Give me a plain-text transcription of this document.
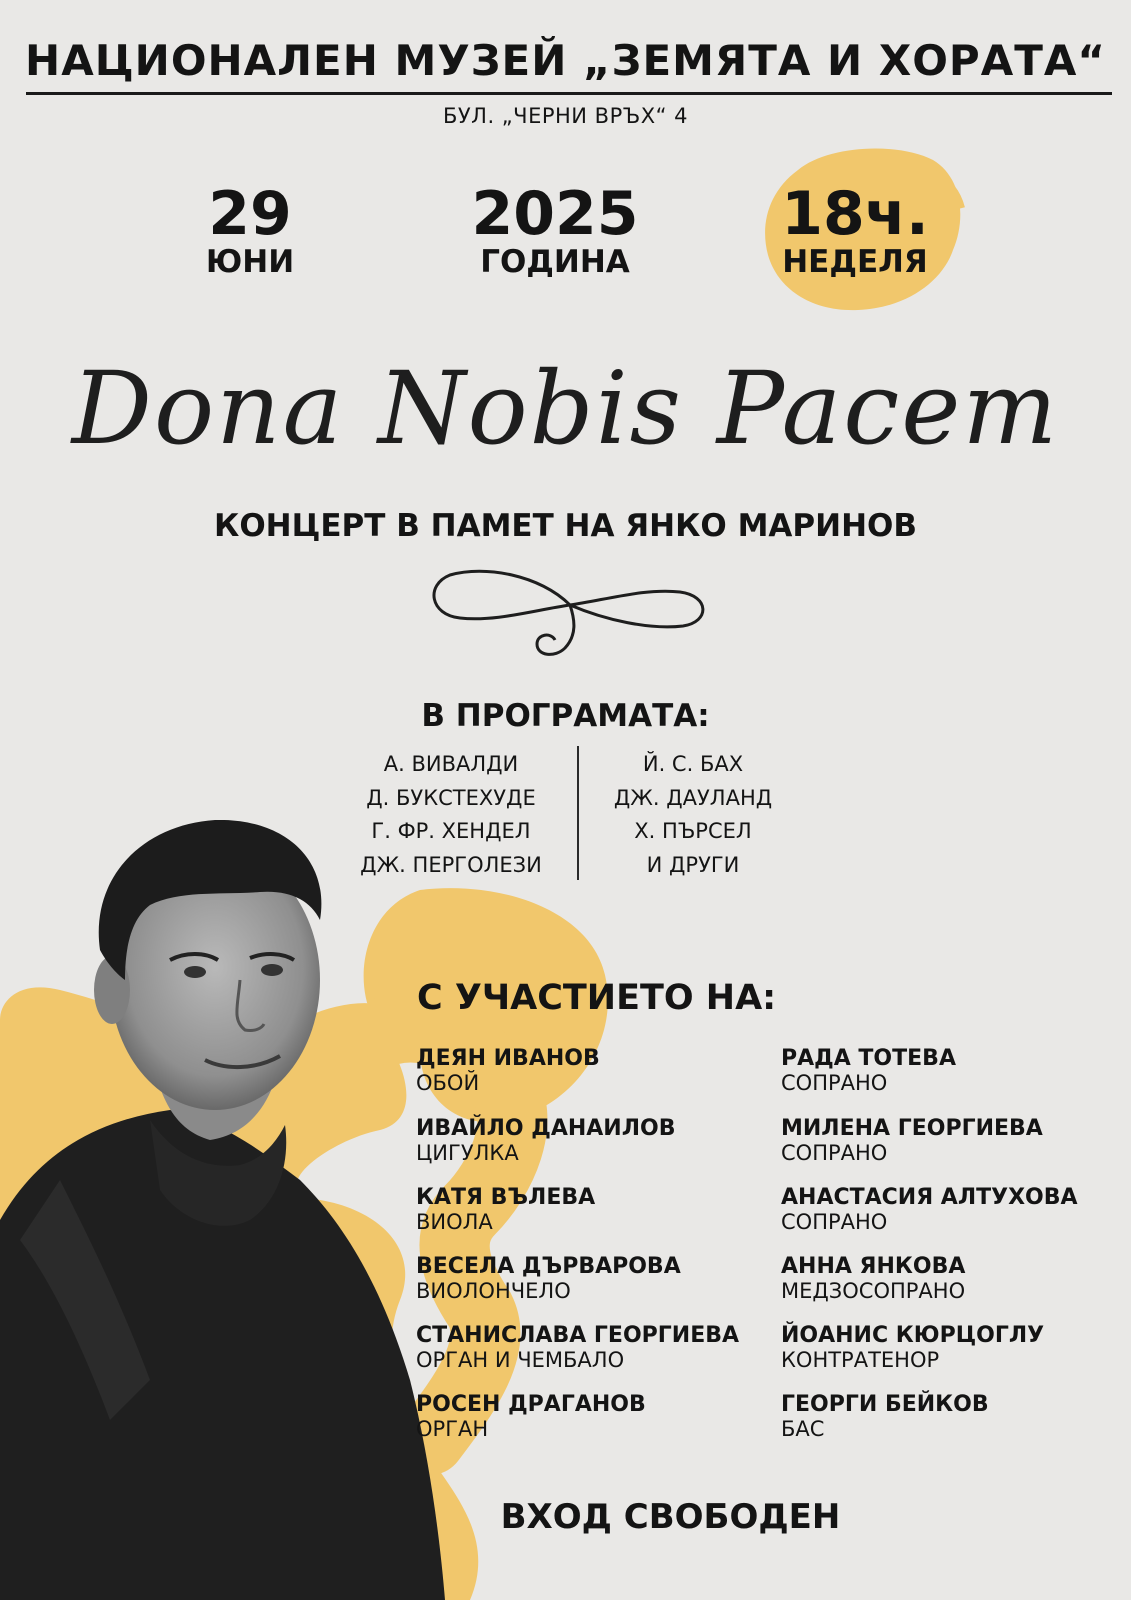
НАЦИОНАЛЕН МУЗЕЙ „ЗЕМЯТА И ХОРАТА“
БУЛ. „ЧЕРНИ ВРЪХ“ 4
29
ЮНИ
2025
ГОДИНА
18ч.
НЕДЕЛЯ
Dona Nobis Pacem
КОНЦЕРТ В ПАМЕТ НА ЯНКО МАРИНОВ
В ПРОГРАМАТА:
А. ВИВАЛДИ
Д. БУКСТЕХУДЕ
Г. ФР. ХЕНДЕЛ
ДЖ. ПЕРГОЛЕЗИ
Й. С. БАХ
ДЖ. ДАУЛАНД
Х. ПЪРСЕЛ
И ДРУГИ
С УЧАСТИЕТО НА:
ДЕЯН ИВАНОВ
ОБОЙ
ИВАЙЛО ДАНАИЛОВ
ЦИГУЛКА
КАТЯ ВЪЛЕВА
ВИОЛА
ВЕСЕЛА ДЪРВАРОВА
ВИОЛОНЧЕЛО
СТАНИСЛАВА ГЕОРГИЕВА
ОРГАН И ЧЕМБАЛО
РОСЕН ДРАГАНОВ
ОРГАН
РАДА ТОТЕВА
СОПРАНО
МИЛЕНА ГЕОРГИЕВА
СОПРАНО
АНАСТАСИЯ АЛТУХОВА
СОПРАНО
АННА ЯНКОВА
МЕДЗОСОПРАНО
ЙОАНИС КЮРЦОГЛУ
КОНТРАТЕНОР
ГЕОРГИ БЕЙКОВ
БАС
ВХОД СВОБОДЕН
